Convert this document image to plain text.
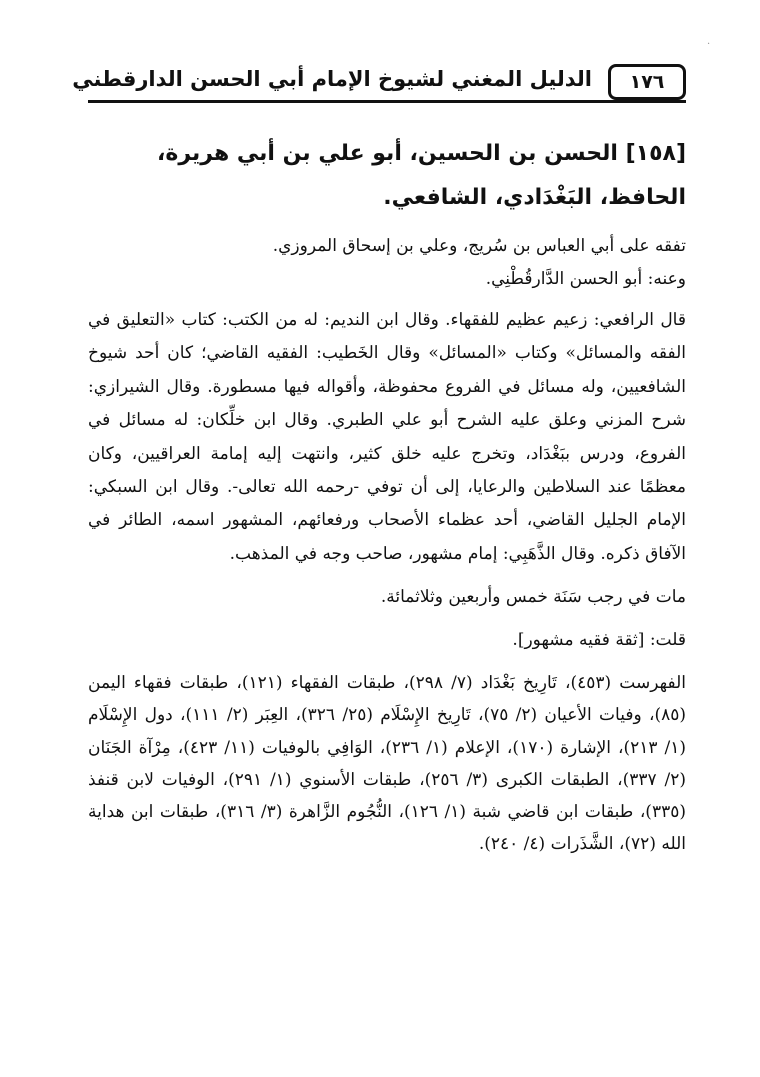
·
١٧٦
الدليل المغني لشيوخ الإمام أبي الحسن الدارقطني
[١٥٨] الحسن بن الحسين، أبو علي بن أبي هريرة، الحافظ، البَغْدَادي، الشافعي.

تفقه على أبي العباس بن سُريج، وعلي بن إسحاق المروزي.

وعنه: أبو الحسن الدَّارقُطْنِي.

قال الرافعي: زعيم عظيم للفقهاء. وقال ابن النديم: له من الكتب: كتاب «التعليق في الفقه والمسائل» وكتاب «المسائل» وقال الخَطيب: الفقيه القاضي؛ كان أحد شيوخ الشافعيين، وله مسائل في الفروع محفوظة، وأقواله فيها مسطورة. وقال الشيرازي: شرح المزني وعلق عليه الشرح أبو علي الطبري. وقال ابن خلِّكان: له مسائل في الفروع، ودرس ببَغْدَاد، وتخرج عليه خلق كثير، وانتهت إليه إمامة العراقيين، وكان معظمًا عند السلاطين والرعايا، إلى أن توفي -رحمه الله تعالى-. وقال ابن السبكي: الإمام الجليل القاضي، أحد عظماء الأصحاب ورفعائهم، المشهور اسمه، الطائر في الآفاق ذكره. وقال الذَّهَبِي: إمام مشهور، صاحب وجه في المذهب.

مات في رجب سَنَة خمس وأربعين وثلاثمائة.

قلت: [ثقة فقيه مشهور].

الفهرست (٤٥٣)، تَارِيخ بَغْدَاد (٧/ ٢٩٨)، طبقات الفقهاء (١٢١)، طبقات فقهاء اليمن (٨٥)، وفيات الأعيان (٢/ ٧٥)، تَارِيخ الإِسْلَام (٢٥/ ٣٢٦)، العِبَر (٢/ ١١١)، دول الإِسْلَام (١/ ٢١٣)، الإشارة (١٧٠)، الإعلام (١/ ٢٣٦)، الوَافِي بالوفيات (١١/ ٤٢٣)، مِرْآة الجَنَان (٢/ ٣٣٧)، الطبقات الكبرى (٣/ ٢٥٦)، طبقات الأسنوي (١/ ٢٩١)، الوفيات لابن قنفذ (٣٣٥)، طبقات ابن قاضي شبة (١/ ١٢٦)، النُّجُوم الزَّاهرة (٣/ ٣١٦)، طبقات ابن هداية الله (٧٢)، الشَّذَرات (٤/ ٢٤٠).
